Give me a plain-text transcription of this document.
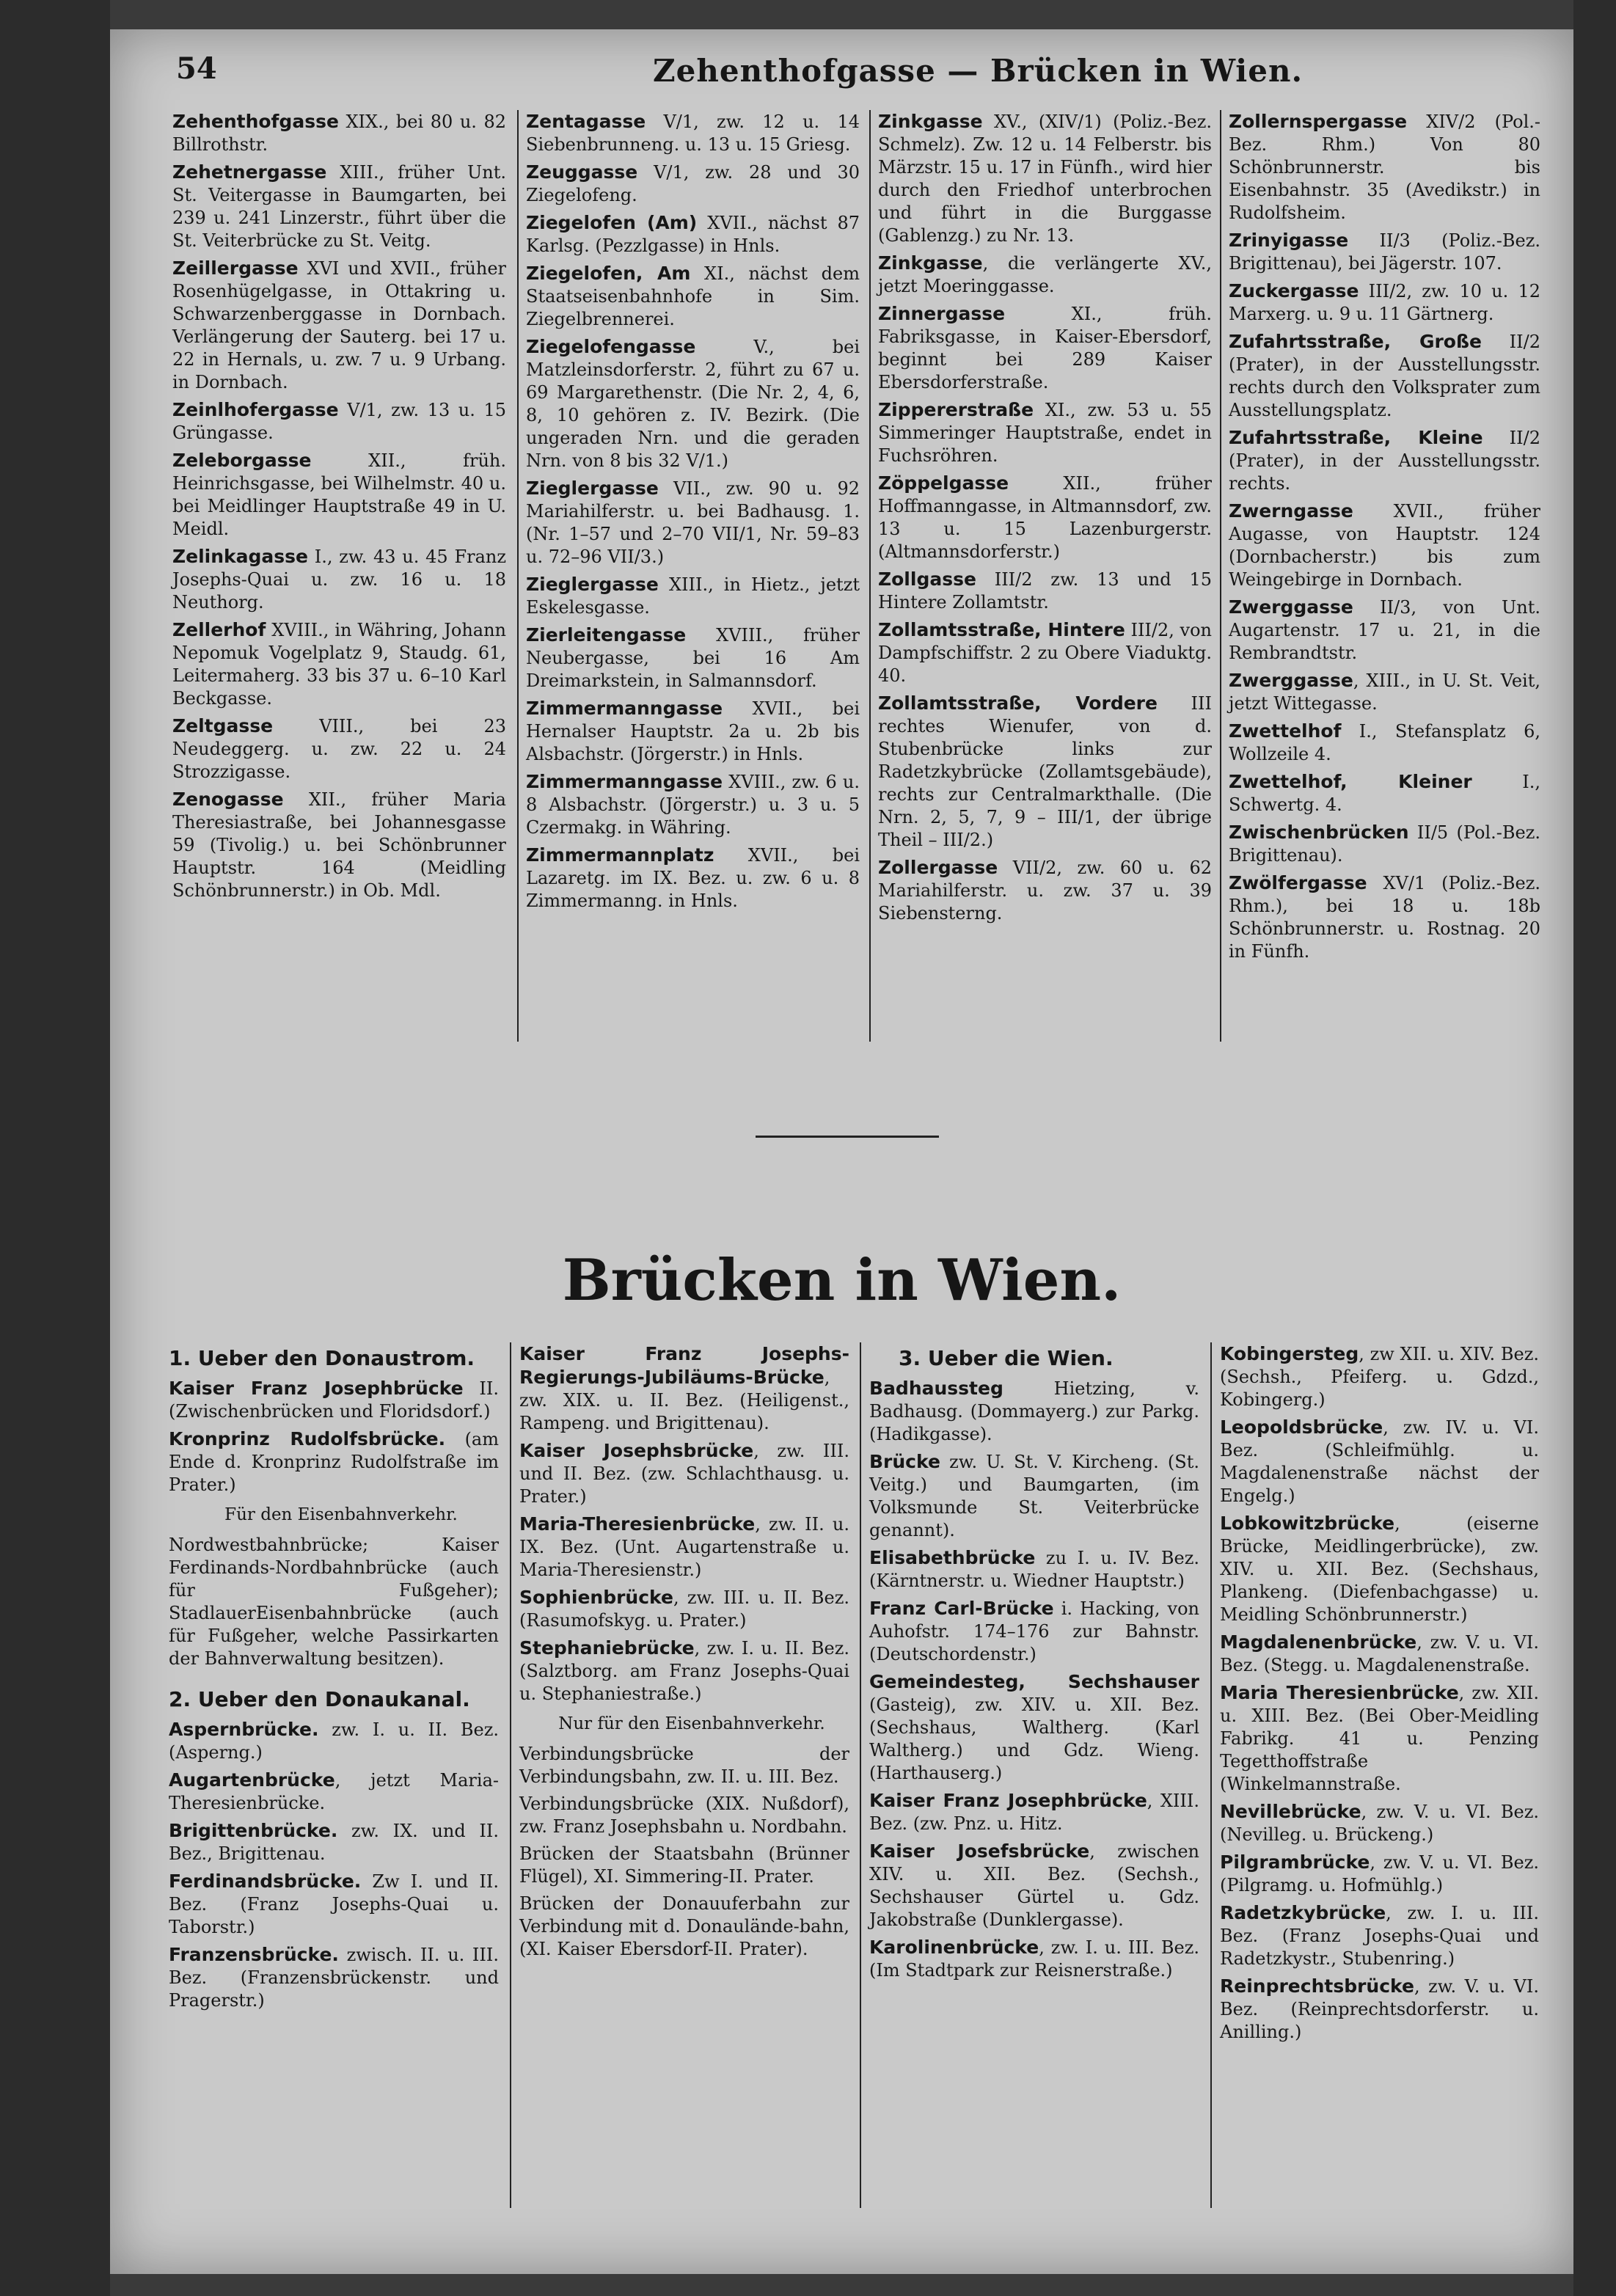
54	Zehenthofgasse — Brücken in Wien.
Zehenthofgasse XIX., bei 80 u. 82 Billrothstr.
Zehetnergasse XIII., früher Unt. St. Veitergasse in Baumgarten, bei 239 u. 241 Linzerstr., führt über die St. Veiterbrücke zu St. Veitg.
Zeillergasse XVI und XVII., früher Rosenhügelgasse, in Ottakring u. Schwarzenberggasse in Dornbach. Verlängerung der Sauterg. bei 17 u. 22 in Hernals, u. zw. 7 u. 9 Urbang. in Dornbach.
Zeinlhofergasse V/1, zw. 13 u. 15 Grüngasse.
Zeleborgasse XII., früh. Heinrichsgasse, bei Wilhelmstr. 40 u. bei Meidlinger Hauptstraße 49 in U. Meidl.
Zelinkagasse I., zw. 43 u. 45 Franz Josephs-Quai u. zw. 16 u. 18 Neuthorg.
Zellerhof XVIII., in Währing, Johann Nepomuk Vogelplatz 9, Staudg. 61, Leitermaherg. 33 bis 37 u. 6–10 Karl Beckgasse.
Zeltgasse VIII., bei 23 Neudeggerg. u. zw. 22 u. 24 Strozzigasse.
Zenogasse XII., früher Maria Theresiastraße, bei Johannesgasse 59 (Tivolig.) u. bei Schönbrunner Hauptstr. 164 (Meidling Schönbrunnerstr.) in Ob. Mdl.
Zentagasse V/1, zw. 12 u. 14 Siebenbrunneng. u. 13 u. 15 Griesg.
Zeuggasse V/1, zw. 28 und 30 Ziegelofeng.
Ziegelofen (Am) XVII., nächst 87 Karlsg. (Pezzlgasse) in Hnls.
Ziegelofen, Am XI., nächst dem Staatseisenbahnhofe in Sim. Ziegelbrennerei.
Ziegelofengasse V., bei Matzleinsdorferstr. 2, führt zu 67 u. 69 Margarethenstr. (Die Nr. 2, 4, 6, 8, 10 gehören z. IV. Bezirk. (Die ungeraden Nrn. und die geraden Nrn. von 8 bis 32 V/1.)
Zieglergasse VII., zw. 90 u. 92 Mariahilferstr. u. bei Badhausg. 1. (Nr. 1–57 und 2–70 VII/1, Nr. 59–83 u. 72–96 VII/3.)
Zieglergasse XIII., in Hietz., jetzt Eskelesgasse.
Zierleitengasse XVIII., früher Neubergasse, bei 16 Am Dreimarkstein, in Salmannsdorf.
Zimmermanngasse XVII., bei Hernalser Hauptstr. 2a u. 2b bis Alsbachstr. (Jörgerstr.) in Hnls.
Zimmermanngasse XVIII., zw. 6 u. 8 Alsbachstr. (Jörgerstr.) u. 3 u. 5 Czermakg. in Währing.
Zimmermannplatz XVII., bei Lazaretg. im IX. Bez. u. zw. 6 u. 8 Zimmermanng. in Hnls.
Zinkgasse XV., (XIV/1) (Poliz.-Bez. Schmelz). Zw. 12 u. 14 Felberstr. bis Märzstr. 15 u. 17 in Fünfh., wird hier durch den Friedhof unterbrochen und führt in die Burggasse (Gablenzg.) zu Nr. 13.
Zinkgasse, die verlängerte XV., jetzt Moeringgasse.
Zinnergasse XI., früh. Fabriksgasse, in Kaiser-Ebersdorf, beginnt bei 289 Kaiser Ebersdorferstraße.
Zippererstraße XI., zw. 53 u. 55 Simmeringer Hauptstraße, endet in Fuchsröhren.
Zöppelgasse XII., früher Hoffmanngasse, in Altmannsdorf, zw. 13 u. 15 Lazenburgerstr. (Altmannsdorferstr.)
Zollgasse III/2 zw. 13 und 15 Hintere Zollamtstr.
Zollamtsstraße, Hintere III/2, von Dampfschiffstr. 2 zu Obere Viaduktg. 40.
Zollamtsstraße, Vordere III rechtes Wienufer, von d. Stubenbrücke links zur Radetzkybrücke (Zollamtsgebäude), rechts zur Centralmarkthalle. (Die Nrn. 2, 5, 7, 9 – III/1, der übrige Theil – III/2.)
Zollergasse VII/2, zw. 60 u. 62 Mariahilferstr. u. zw. 37 u. 39 Siebensterng.
Zollernspergasse XIV/2 (Pol.-Bez. Rhm.) Von 80 Schönbrunnerstr. bis Eisenbahnstr. 35 (Avedikstr.) in Rudolfsheim.
Zrinyigasse II/3 (Poliz.-Bez. Brigittenau), bei Jägerstr. 107.
Zuckergasse III/2, zw. 10 u. 12 Marxerg. u. 9 u. 11 Gärtnerg.
Zufahrtsstraße, Große II/2 (Prater), in der Ausstellungsstr. rechts durch den Volksprater zum Ausstellungsplatz.
Zufahrtsstraße, Kleine II/2 (Prater), in der Ausstellungsstr. rechts.
Zwerngasse XVII., früher Augasse, von Hauptstr. 124 (Dornbacherstr.) bis zum Weingebirge in Dornbach.
Zwerggasse II/3, von Unt. Augartenstr. 17 u. 21, in die Rembrandtstr.
Zwerggasse, XIII., in U. St. Veit, jetzt Wittegasse.
Zwettelhof I., Stefansplatz 6, Wollzeile 4.
Zwettelhof, Kleiner I., Schwertg. 4.
Zwischenbrücken II/5 (Pol.-Bez. Brigittenau).
Zwölfergasse XV/1 (Poliz.-Bez. Rhm.), bei 18 u. 18b Schönbrunnerstr. u. Rostnag. 20 in Fünfh.
Brücken in Wien.
1. Ueber den Donaustrom.
Kaiser Franz Josephbrücke II. (Zwischenbrücken und Floridsdorf.)
Kronprinz Rudolfsbrücke. (am Ende d. Kronprinz Rudolfstraße im Prater.)
Für den Eisenbahnverkehr.
Nordwestbahnbrücke; Kaiser Ferdinands-Nordbahnbrücke (auch für Fußgeher); StadlauerEisenbahnbrücke (auch für Fußgeher, welche Passirkarten der Bahnverwaltung besitzen).
2. Ueber den Donaukanal.
Aspernbrücke. zw. I. u. II. Bez. (Asperng.)
Augartenbrücke, jetzt Maria-Theresienbrücke.
Brigittenbrücke. zw. IX. und II. Bez., Brigittenau.
Ferdinandsbrücke. Zw I. und II. Bez. (Franz Josephs-Quai u. Taborstr.)
Franzensbrücke. zwisch. II. u. III. Bez. (Franzensbrückenstr. und Pragerstr.)
Kaiser Franz Josephs-Regierungs-Jubiläums-Brücke, zw. XIX. u. II. Bez. (Heiligenst., Rampeng. und Brigittenau).
Kaiser Josephsbrücke, zw. III. und II. Bez. (zw. Schlachthausg. u. Prater.)
Maria-Theresienbrücke, zw. II. u. IX. Bez. (Unt. Augartenstraße u. Maria-Theresienstr.)
Sophienbrücke, zw. III. u. II. Bez. (Rasumofskyg. u. Prater.)
Stephaniebrücke, zw. I. u. II. Bez. (Salztborg. am Franz Josephs-Quai u. Stephaniestraße.)
Nur für den Eisenbahnverkehr.
Verbindungsbrücke der Verbindungsbahn, zw. II. u. III. Bez.
Verbindungsbrücke (XIX. Nußdorf), zw. Franz Josephsbahn u. Nordbahn.
Brücken der Staatsbahn (Brünner Flügel), XI. Simmering-II. Prater.
Brücken der Donauuferbahn zur Verbindung mit d. Donaulände-bahn, (XI. Kaiser Ebersdorf-II. Prater).
3. Ueber die Wien.
Badhaussteg Hietzing, v. Badhausg. (Dommayerg.) zur Parkg. (Hadikgasse).
Brücke zw. U. St. V. Kircheng. (St. Veitg.) und Baumgarten, (im Volksmunde St. Veiterbrücke genannt).
Elisabethbrücke zu I. u. IV. Bez. (Kärntnerstr. u. Wiedner Hauptstr.)
Franz Carl-Brücke i. Hacking, von Auhofstr. 174–176 zur Bahnstr. (Deutschordenstr.)
Gemeindesteg, Sechshauser (Gasteig), zw. XIV. u. XII. Bez. (Sechshaus, Waltherg. (Karl Waltherg.) und Gdz. Wieng. (Harthauserg.)
Kaiser Franz Josephbrücke, XIII. Bez. (zw. Pnz. u. Hitz.
Kaiser Josefsbrücke, zwischen XIV. u. XII. Bez. (Sechsh., Sechshauser Gürtel u. Gdz. Jakobstraße (Dunklergasse).
Karolinenbrücke, zw. I. u. III. Bez. (Im Stadtpark zur Reisnerstraße.)
Kobingersteg, zw XII. u. XIV. Bez. (Sechsh., Pfeiferg. u. Gdzd., Kobingerg.)
Leopoldsbrücke, zw. IV. u. VI. Bez. (Schleifmühlg. u. Magdalenenstraße nächst der Engelg.)
Lobkowitzbrücke, (eiserne Brücke, Meidlingerbrücke), zw. XIV. u. XII. Bez. (Sechshaus, Plankeng. (Diefenbachgasse) u. Meidling Schönbrunnerstr.)
Magdalenenbrücke, zw. V. u. VI. Bez. (Stegg. u. Magdalenenstraße.
Maria Theresienbrücke, zw. XII. u. XIII. Bez. (Bei Ober-Meidling Fabrikg. 41 u. Penzing Tegetthoffstraße (Winkelmannstraße.
Nevillebrücke, zw. V. u. VI. Bez. (Nevilleg. u. Brückeng.)
Pilgrambrücke, zw. V. u. VI. Bez. (Pilgramg. u. Hofmühlg.)
Radetzkybrücke, zw. I. u. III. Bez. (Franz Josephs-Quai und Radetzkystr., Stubenring.)
Reinprechtsbrücke, zw. V. u. VI. Bez. (Reinprechtsdorferstr. u. Anilling.)
